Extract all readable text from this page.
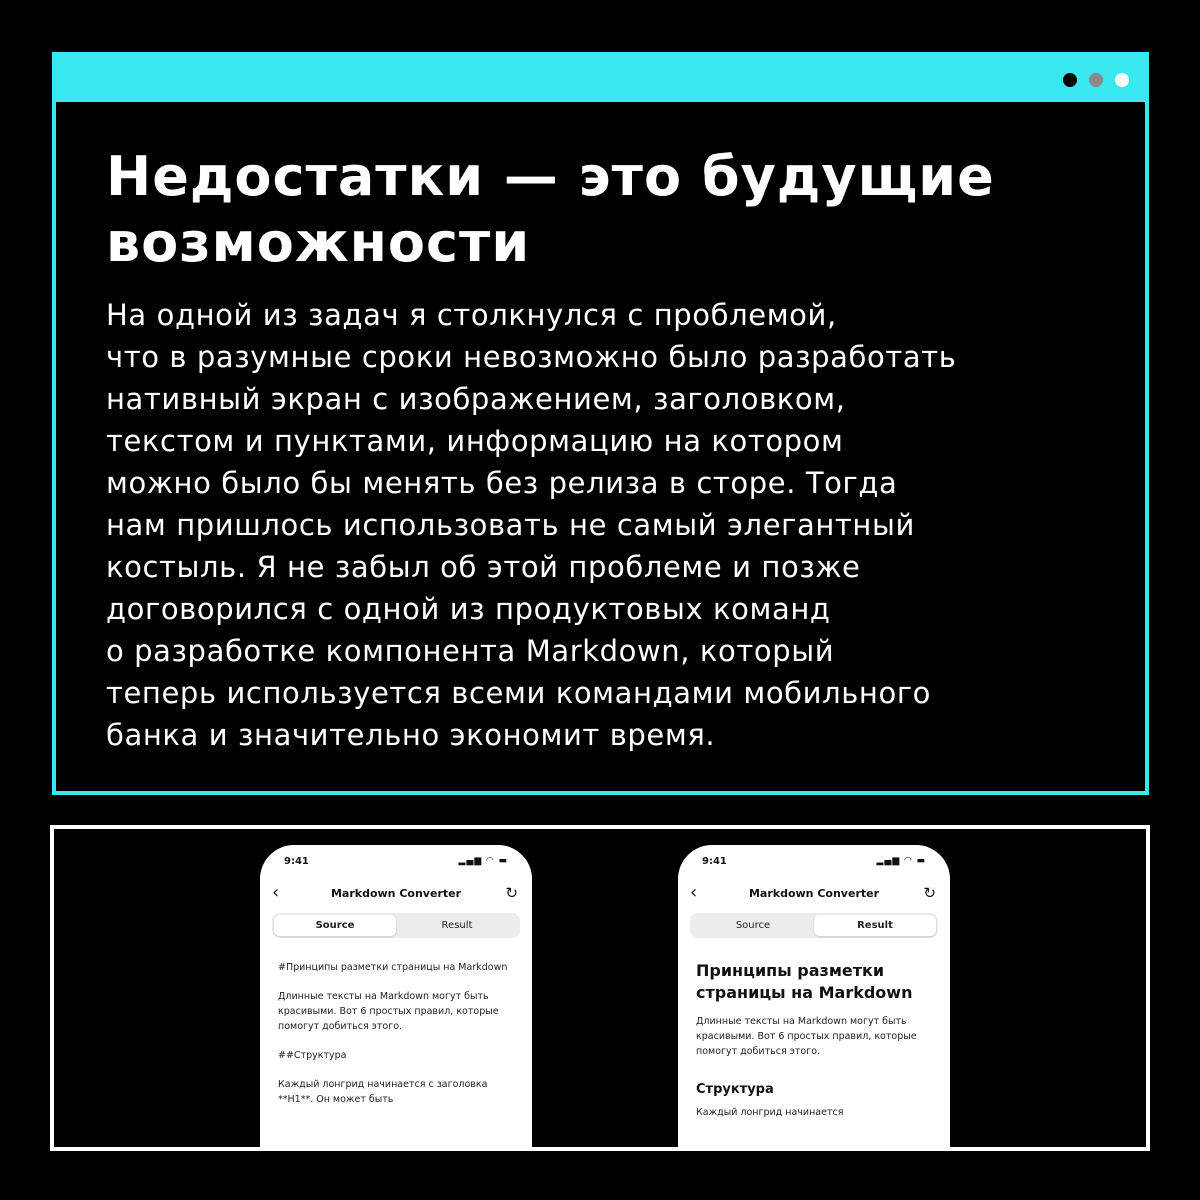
Недостатки — это будущие
возможности

На одной из задач я столкнулся с проблемой,
что в разумные сроки невозможно было разработать
нативный экран с изображением, заголовком,
текстом и пунктами, информацию на котором
можно было бы менять без релиза в сторе. Тогда
нам пришлось использовать не самый элегантный
костыль. Я не забыл об этой проблеме и позже
договорился с одной из продуктовых команд
о разработке компонента Markdown, который
теперь используется всеми командами мобильного
банка и значительно экономит время.

9:41	▂▄▆ ◠ ▬
‹	Markdown Converter	↻
Source	Result

#Принципы разметки страницы на Markdown

Длинные тексты на Markdown могут быть красивыми. Вот 6 простых правил, которые помогут добиться этого.

##Структура

Каждый лонгрид начинается с заголовка **H1**. Он может быть

9:41	▂▄▆ ◠ ▬
‹	Markdown Converter	↻
Source	Result

Принципы разметки страницы на Markdown

Длинные тексты на Markdown могут быть красивыми. Вот 6 простых правил, которые помогут добиться этого.

Структура

Каждый лонгрид начинается
